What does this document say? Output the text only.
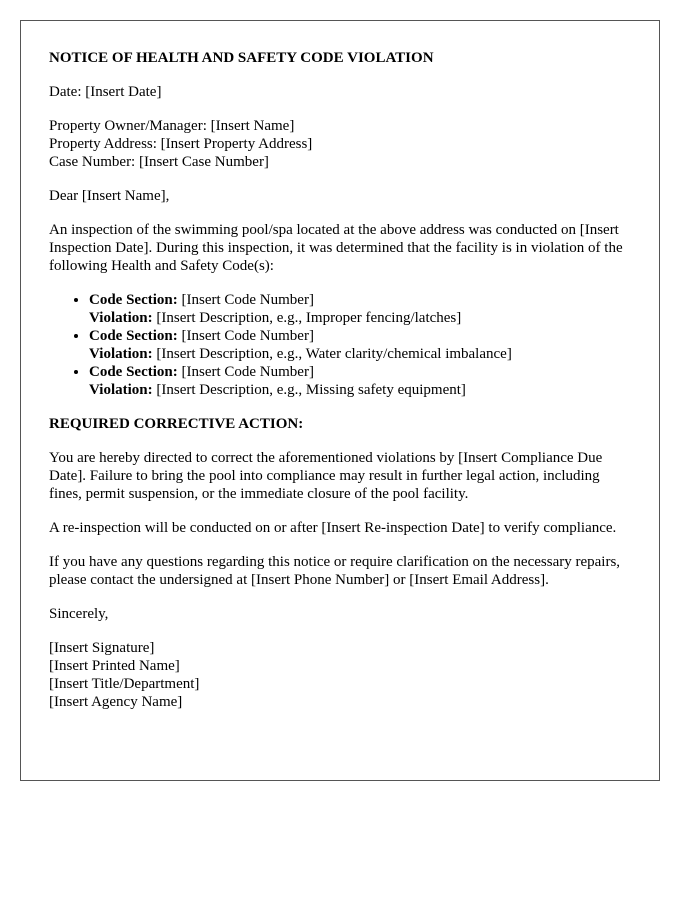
NOTICE OF HEALTH AND SAFETY CODE VIOLATION
Date: [Insert Date]
Property Owner/Manager: [Insert Name]
Property Address: [Insert Property Address]
Case Number: [Insert Case Number]
Dear [Insert Name],
An inspection of the swimming pool/spa located at the above address was conducted on [Insert Inspection Date]. During this inspection, it was determined that the facility is in violation of the following Health and Safety Code(s):
• Code Section: [Insert Code Number]
Violation: [Insert Description, e.g., Improper fencing/latches]
• Code Section: [Insert Code Number]
Violation: [Insert Description, e.g., Water clarity/chemical imbalance]
• Code Section: [Insert Code Number]
Violation: [Insert Description, e.g., Missing safety equipment]
REQUIRED CORRECTIVE ACTION:
You are hereby directed to correct the aforementioned violations by [Insert Compliance Due Date]. Failure to bring the pool into compliance may result in further legal action, including fines, permit suspension, or the immediate closure of the pool facility.
A re-inspection will be conducted on or after [Insert Re-inspection Date] to verify compliance.
If you have any questions regarding this notice or require clarification on the necessary repairs, please contact the undersigned at [Insert Phone Number] or [Insert Email Address].
Sincerely,
[Insert Signature]
[Insert Printed Name]
[Insert Title/Department]
[Insert Agency Name]
